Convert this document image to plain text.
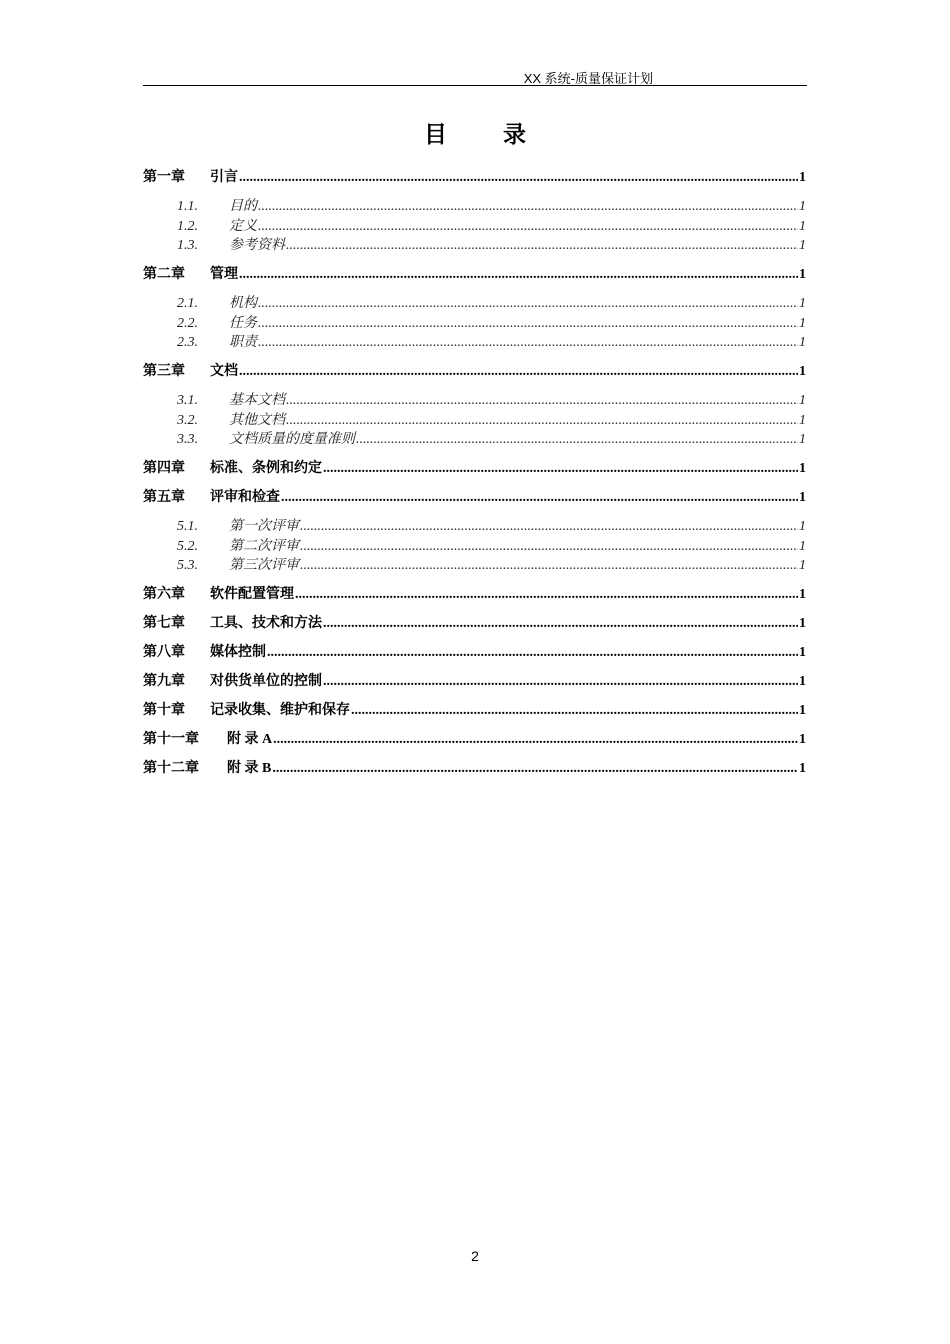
XX 系统-质量保证计划
目 录
第一章	引言 .....	1
1.1.	目的 .....	1
1.2.	定义 .....	1
1.3.	参考资料 .....	1
第二章	管理 .....	1
2.1.	机构 .....	1
2.2.	任务 .....	1
2.3.	职责 .....	1
第三章	文档 .....	1
3.1.	基本文档 .....	1
3.2.	其他文档 .....	1
3.3.	文档质量的度量准则 .....	1
第四章	标准、条例和约定 .....	1
第五章	评审和检查 .....	1
5.1.	第一次评审 .....	1
5.2.	第二次评审 .....	1
5.3.	第三次评审 .....	1
第六章	软件配置管理 .....	1
第七章	工具、技术和方法 .....	1
第八章	媒体控制 .....	1
第九章	对供货单位的控制 .....	1
第十章	记录收集、维护和保存 .....	1
第十一章	附 录 A .....	1
第十二章	附 录 B .....	1
2
